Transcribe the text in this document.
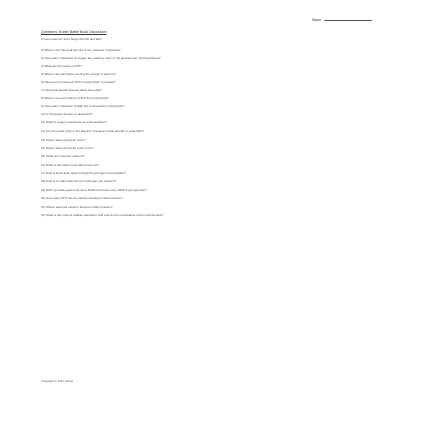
Name:
Questions: Butter Battle Book Discussion
1) How does the story begin the first and last?
2) What is the chemical formula of the molecule of glucose?
3) How many molecules of oxygen are made by each of the glucose from photosynthesis?
4) What are the inputs of ATP?
5) What is the cell where we sing the energy of glucose?
6) Glucose is formed into ATP through which 3 process?
7) Glycolysis breaks glucose down into what?
8) What is the end product of ATP from Glycolysis?
9) How many molecules of ADP are produced from Glycolysis?
10) Is Glycolysis aerobic or anaerobic?
11) What is oxygen mentioned as a fermentation?
12) Are the levels cycle in the Electron Transport Chain aerobic or anaerobic?
13) Where does glycolysis occur?
14) Where does the Krebs cycle occur?
15) What are enzymes made of?
16) What is the Krebs cycle also known as?
17) How is lactic acid made through the glycogen fermentation?
18) How is it made when there is hydrogen per reaction?
19) Each pyruvate goes how many NADH and how many FADH2 per pyruvate?
20) How many ATP can the electron transport chain produce?
21) Where does the electron transport chain function?
22) What is the cycle of cellular respiration and how do the membranes of the mitochondria?
Copyright © 2017 Name
